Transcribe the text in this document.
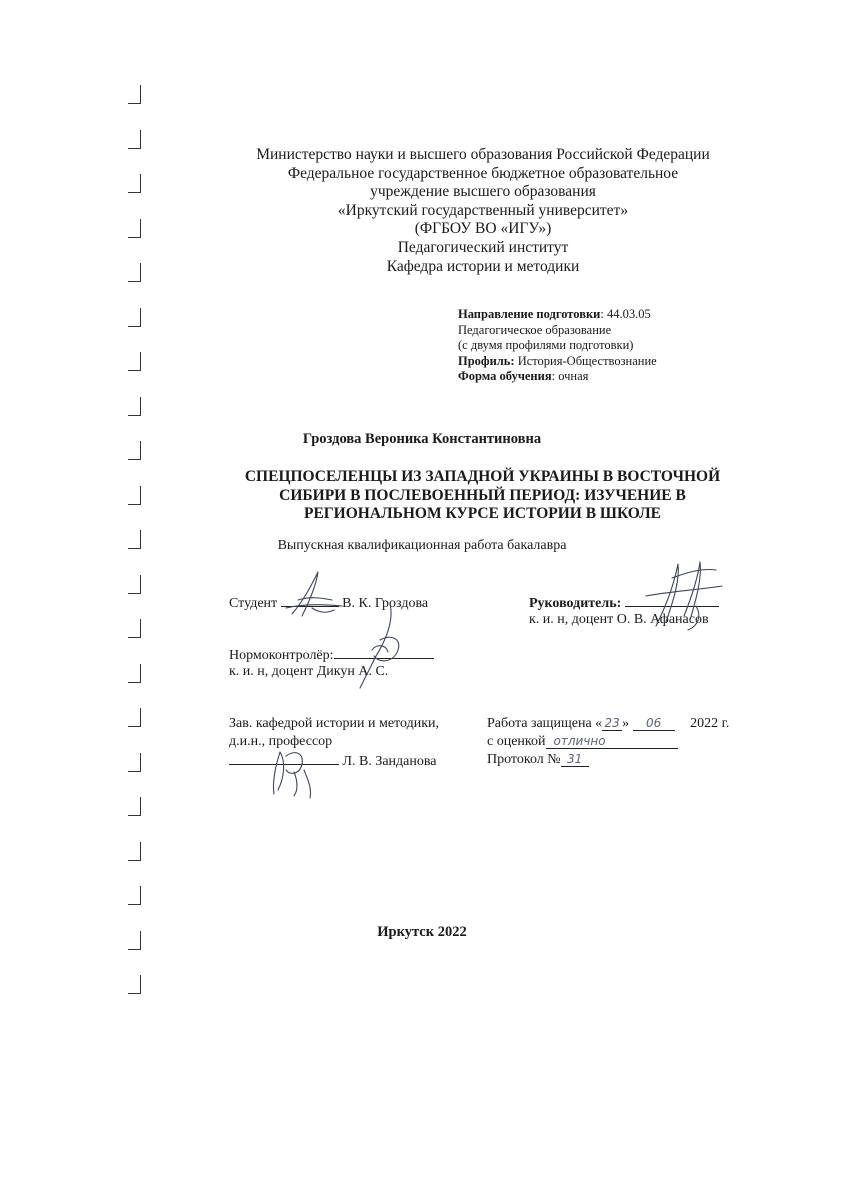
Министерство науки и высшего образования Российской Федерации
Федеральное государственное бюджетное образовательное
учреждение высшего образования
«Иркутский государственный университет»
(ФГБОУ ВО «ИГУ»)
Педагогический институт
Кафедра истории и методики
Направление подготовки: 44.03.05
Педагогическое образование
(с двумя профилями подготовки)
Профиль: История-Обществознание
Форма обучения: очная
Гроздова Вероника Константиновна
СПЕЦПОСЕЛЕНЦЫ ИЗ ЗАПАДНОЙ УКРАИНЫ В ВОСТОЧНОЙ
СИБИРИ В ПОСЛЕВОЕННЫЙ ПЕРИОД: ИЗУЧЕНИЕ В
РЕГИОНАЛЬНОМ КУРСЕ ИСТОРИИ В ШКОЛЕ
Выпускная квалификационная работа бакалавра
Студент	В. К. Гроздова	Руководитель:
к. и. н, доцент О. В. Афанасов
Нормоконтролёр:
к. и. н, доцент Дикун А. С.
Зав. кафедрой истории и методики,
д.и.н., профессор
Л. В. Занданова
Работа защищена « 23 » 06 2022 г.
с оценкой отлично
Протокол № 31
Иркутск 2022
